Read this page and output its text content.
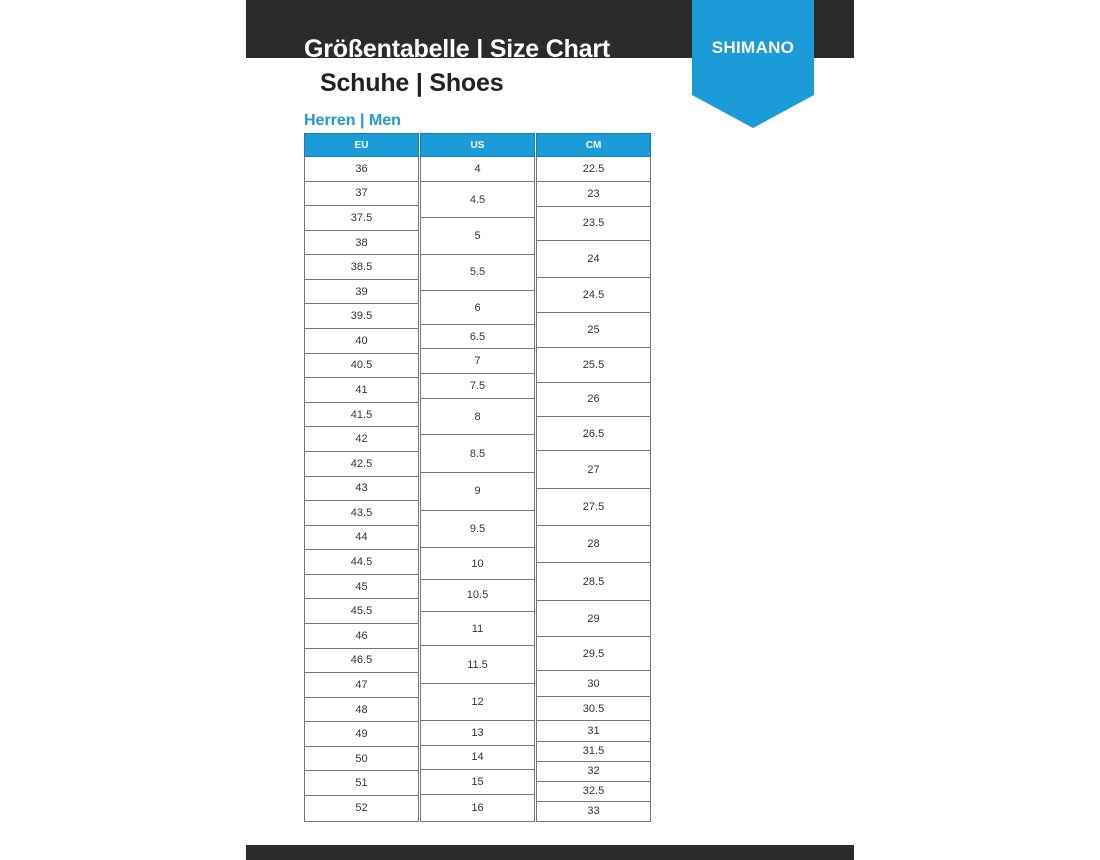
Größentabelle | Size Chart
Schuhe | Shoes
SHIMANO
Herren | Men
EU
36
37
37.5
38
38.5
39
39.5
40
40.5
41
41.5
42
42.5
43
43.5
44
44.5
45
45.5
46
46.5
47
48
49
50
51
52
US
4
4.5
5
5.5
6
6.5
7
7.5
8
8.5
9
9.5
10
10.5
11
11.5
12
13
14
15
16
CM
22.5
23
23.5
24
24.5
25
25.5
26
26.5
27
27.5
28
28.5
29
29.5
30
30.5
31
31.5
32
32.5
33
